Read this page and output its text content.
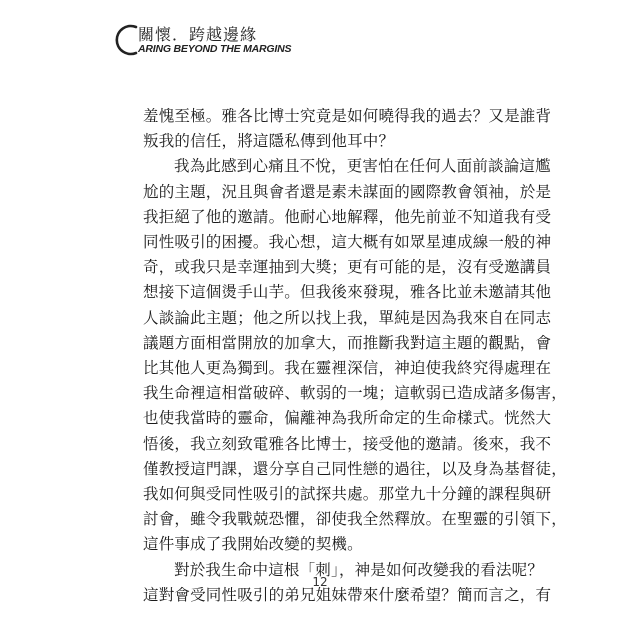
關懷．跨越邊緣
ARING BEYOND THE MARGINS

羞愧至極。雅各比博士究竟是如何曉得我的過去？又是誰背
叛我的信任，將這隱私傳到他耳中？

我為此感到心痛且不悅，更害怕在任何人面前談論這尷
尬的主題，況且與會者還是素未謀面的國際教會領袖，於是
我拒絕了他的邀請。他耐心地解釋，他先前並不知道我有受
同性吸引的困擾。我心想，這大概有如眾星連成線一般的神
奇，或我只是幸運抽到大獎；更有可能的是，沒有受邀講員
想接下這個燙手山芋。但我後來發現，雅各比並未邀請其他
人談論此主題；他之所以找上我，單純是因為我來自在同志
議題方面相當開放的加拿大，而推斷我對這主題的觀點，會
比其他人更為獨到。我在靈裡深信，神迫使我終究得處理在
我生命裡這相當破碎、軟弱的一塊；這軟弱已造成諸多傷害，
也使我當時的靈命，偏離神為我所命定的生命樣式。恍然大
悟後，我立刻致電雅各比博士，接受他的邀請。後來，我不
僅教授這門課，還分享自己同性戀的過往，以及身為基督徒，
我如何與受同性吸引的試探共處。那堂九十分鐘的課程與研
討會，雖令我戰兢恐懼，卻使我全然釋放。在聖靈的引領下，
這件事成了我開始改變的契機。

對於我生命中這根「刺」，神是如何改變我的看法呢？
這對會受同性吸引的弟兄姐妹帶來什麼希望？簡而言之，有

12
